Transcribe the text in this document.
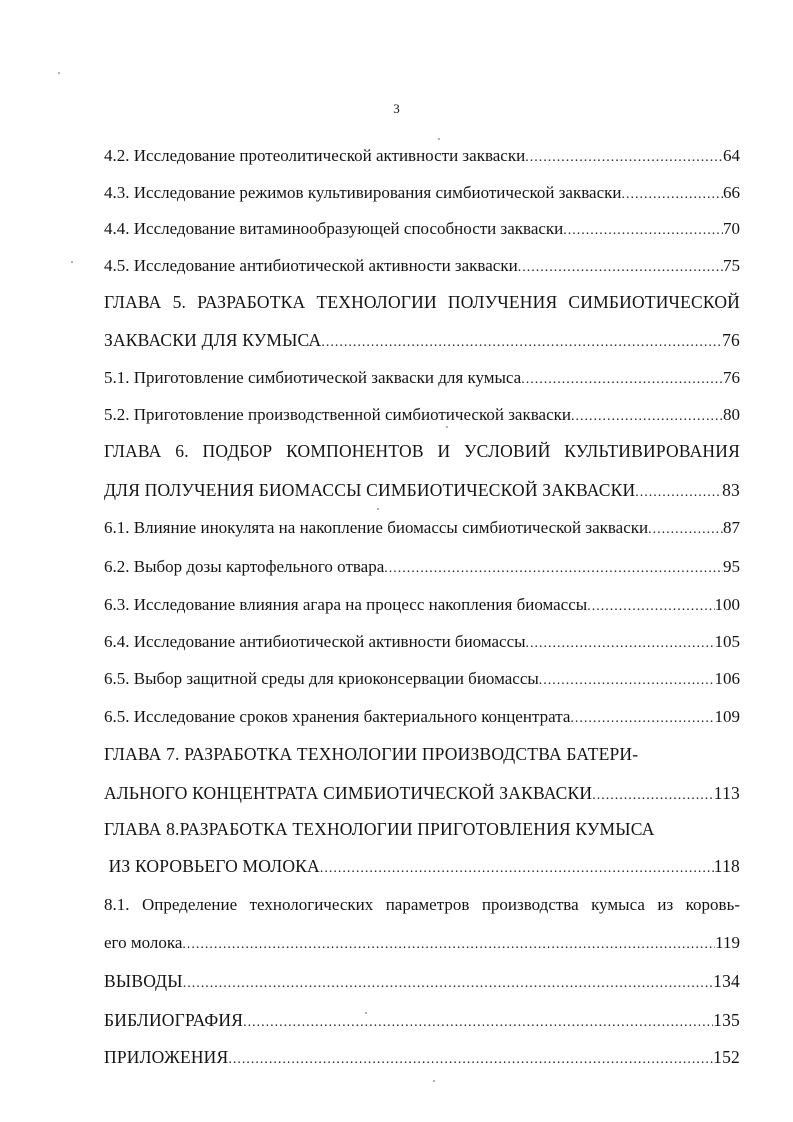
3
4.2. Исследование протеолитической активности закваски .....	64
4.3. Исследование режимов культивирования симбиотической закваски .....	66
4.4. Исследование витаминообразующей способности закваски .....	70
4.5. Исследование антибиотической активности закваски .....	75
ГЛАВА 5. РАЗРАБОТКА ТЕХНОЛОГИИ ПОЛУЧЕНИЯ СИМБИОТИЧЕСКОЙ
ЗАКВАСКИ ДЛЯ КУМЫСА .....	76
5.1. Приготовление симбиотической закваски для кумыса .....	76
5.2. Приготовление производственной симбиотической закваски .....	80
ГЛАВА 6. ПОДБОР КОМПОНЕНТОВ И УСЛОВИЙ КУЛЬТИВИРОВАНИЯ
ДЛЯ ПОЛУЧЕНИЯ БИОМАССЫ СИМБИОТИЧЕСКОЙ ЗАКВАСКИ .....	83
6.1. Влияние инокулята на накопление биомассы симбиотической закваски .....	87
6.2. Выбор дозы картофельного отвара .....	95
6.3. Исследование влияния агара на процесс накопления биомассы .....	100
6.4. Исследование антибиотической активности биомассы .....	105
6.5. Выбор защитной среды для криоконсервации биомассы .....	106
6.5. Исследование сроков хранения бактериального концентрата .....	109
ГЛАВА 7. РАЗРАБОТКА ТЕХНОЛОГИИ ПРОИЗВОДСТВА БАТЕРИ-
АЛЬНОГО КОНЦЕНТРАТА СИМБИОТИЧЕСКОЙ ЗАКВАСКИ .....	113
ГЛАВА 8.РАЗРАБОТКА ТЕХНОЛОГИИ ПРИГОТОВЛЕНИЯ КУМЫСА
ИЗ КОРОВЬЕГО МОЛОКА .....	118
8.1. Определение технологических параметров производства кумыса из коровь-
его молока .....	119
ВЫВОДЫ .....	134
БИБЛИОГРАФИЯ .....	135
ПРИЛОЖЕНИЯ .....	152
